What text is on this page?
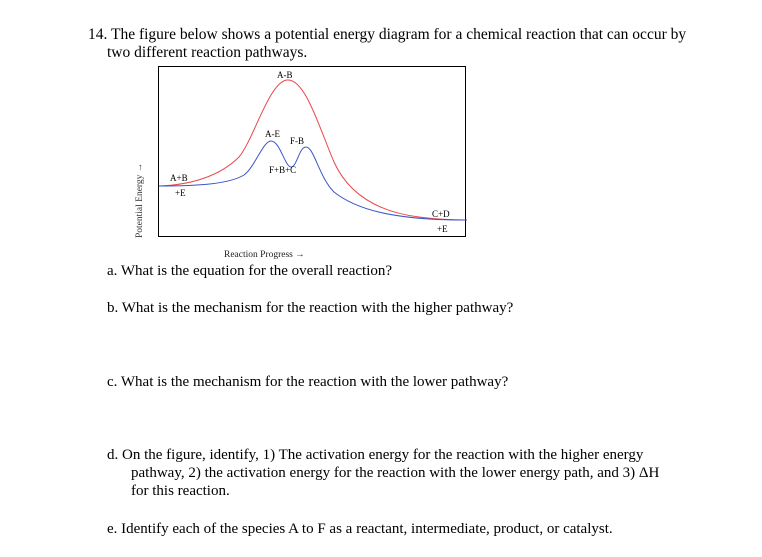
14. The figure below shows a potential energy diagram for a chemical reaction that can occur by
two different reaction pathways.
Potential Energy →
A-B
A-E
F-B
F+B+C
A+B
+E
C+D
+E
Reaction Progress →
a. What is the equation for the overall reaction?
b. What is the mechanism for the reaction with the higher pathway?
c. What is the mechanism for the reaction with the lower pathway?
d. On the figure, identify, 1) The activation energy for the reaction with the higher energy
pathway, 2) the activation energy for the reaction with the lower energy path, and 3) ΔH
for this reaction.
e. Identify each of the species A to F as a reactant, intermediate, product, or catalyst.
